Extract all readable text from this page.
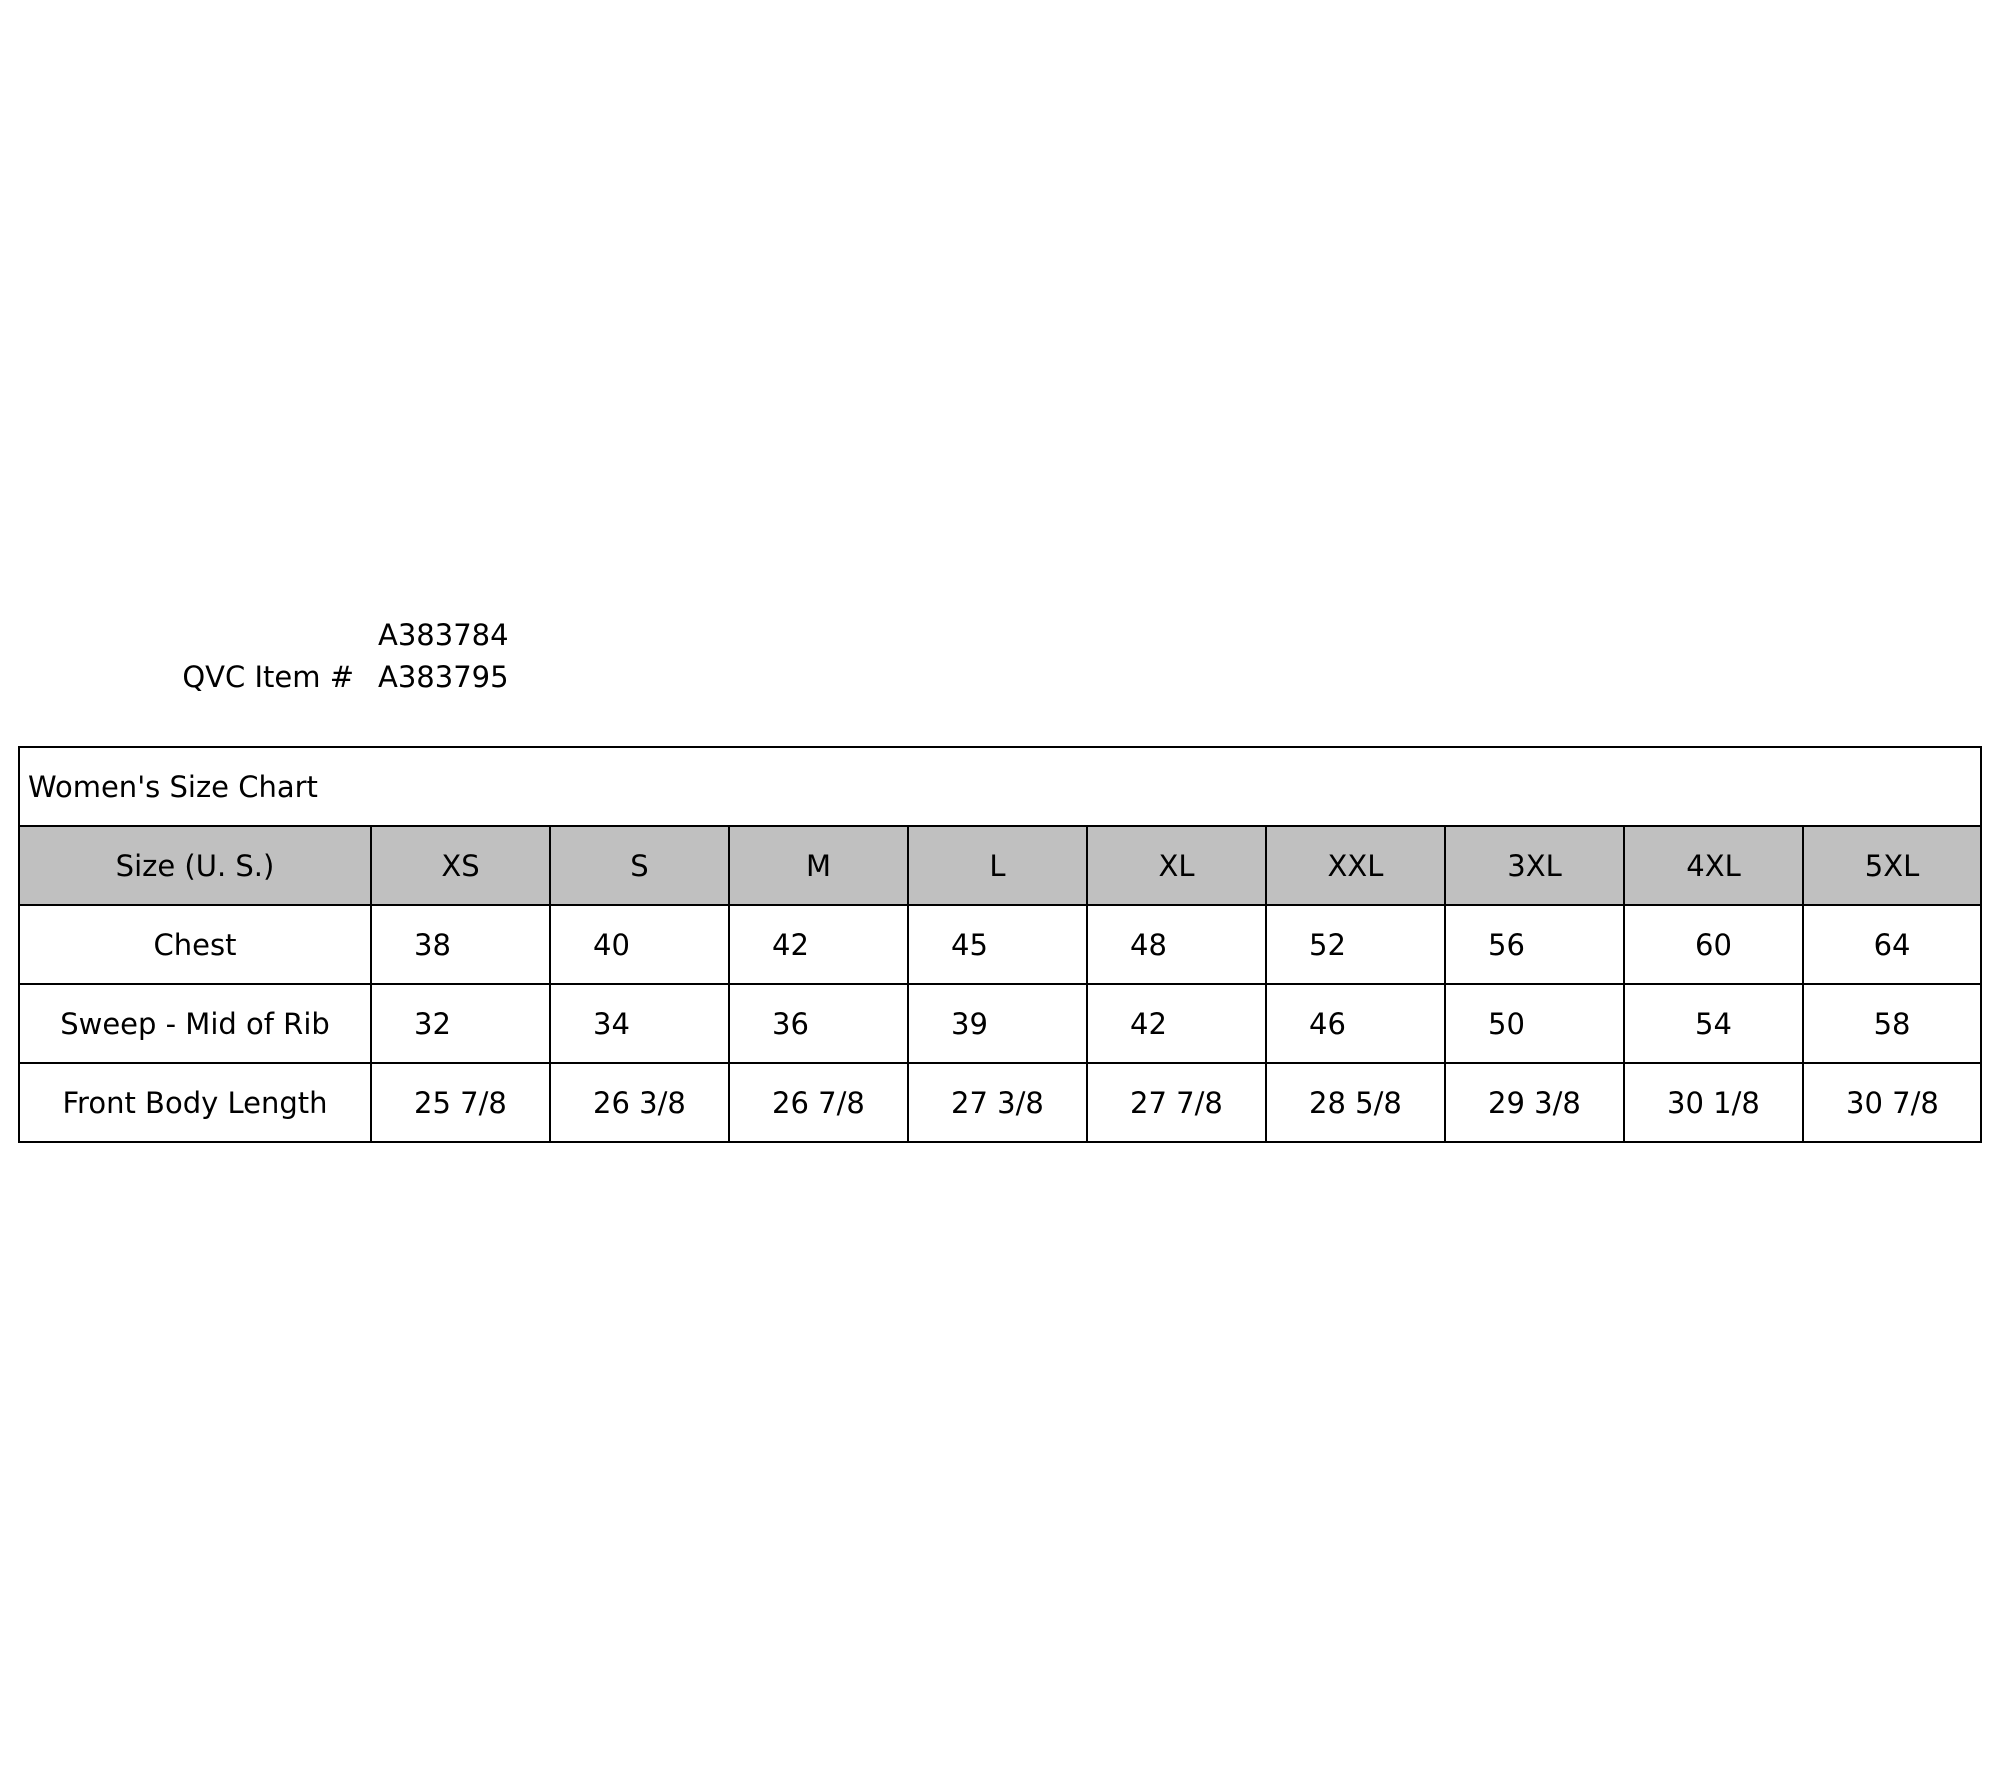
A383784
QVC Item # A383795
Women's Size Chart									
Size (U. S.)	XS	S	M	L	XL	XXL	3XL	4XL	5XL
Chest	38	40	42	45	48	52	56	60	64
Sweep - Mid of Rib	32	34	36	39	42	46	50	54	58
Front Body Length	25 7/8	26 3/8	26 7/8	27 3/8	27 7/8	28 5/8	29 3/8	30 1/8	30 7/8
